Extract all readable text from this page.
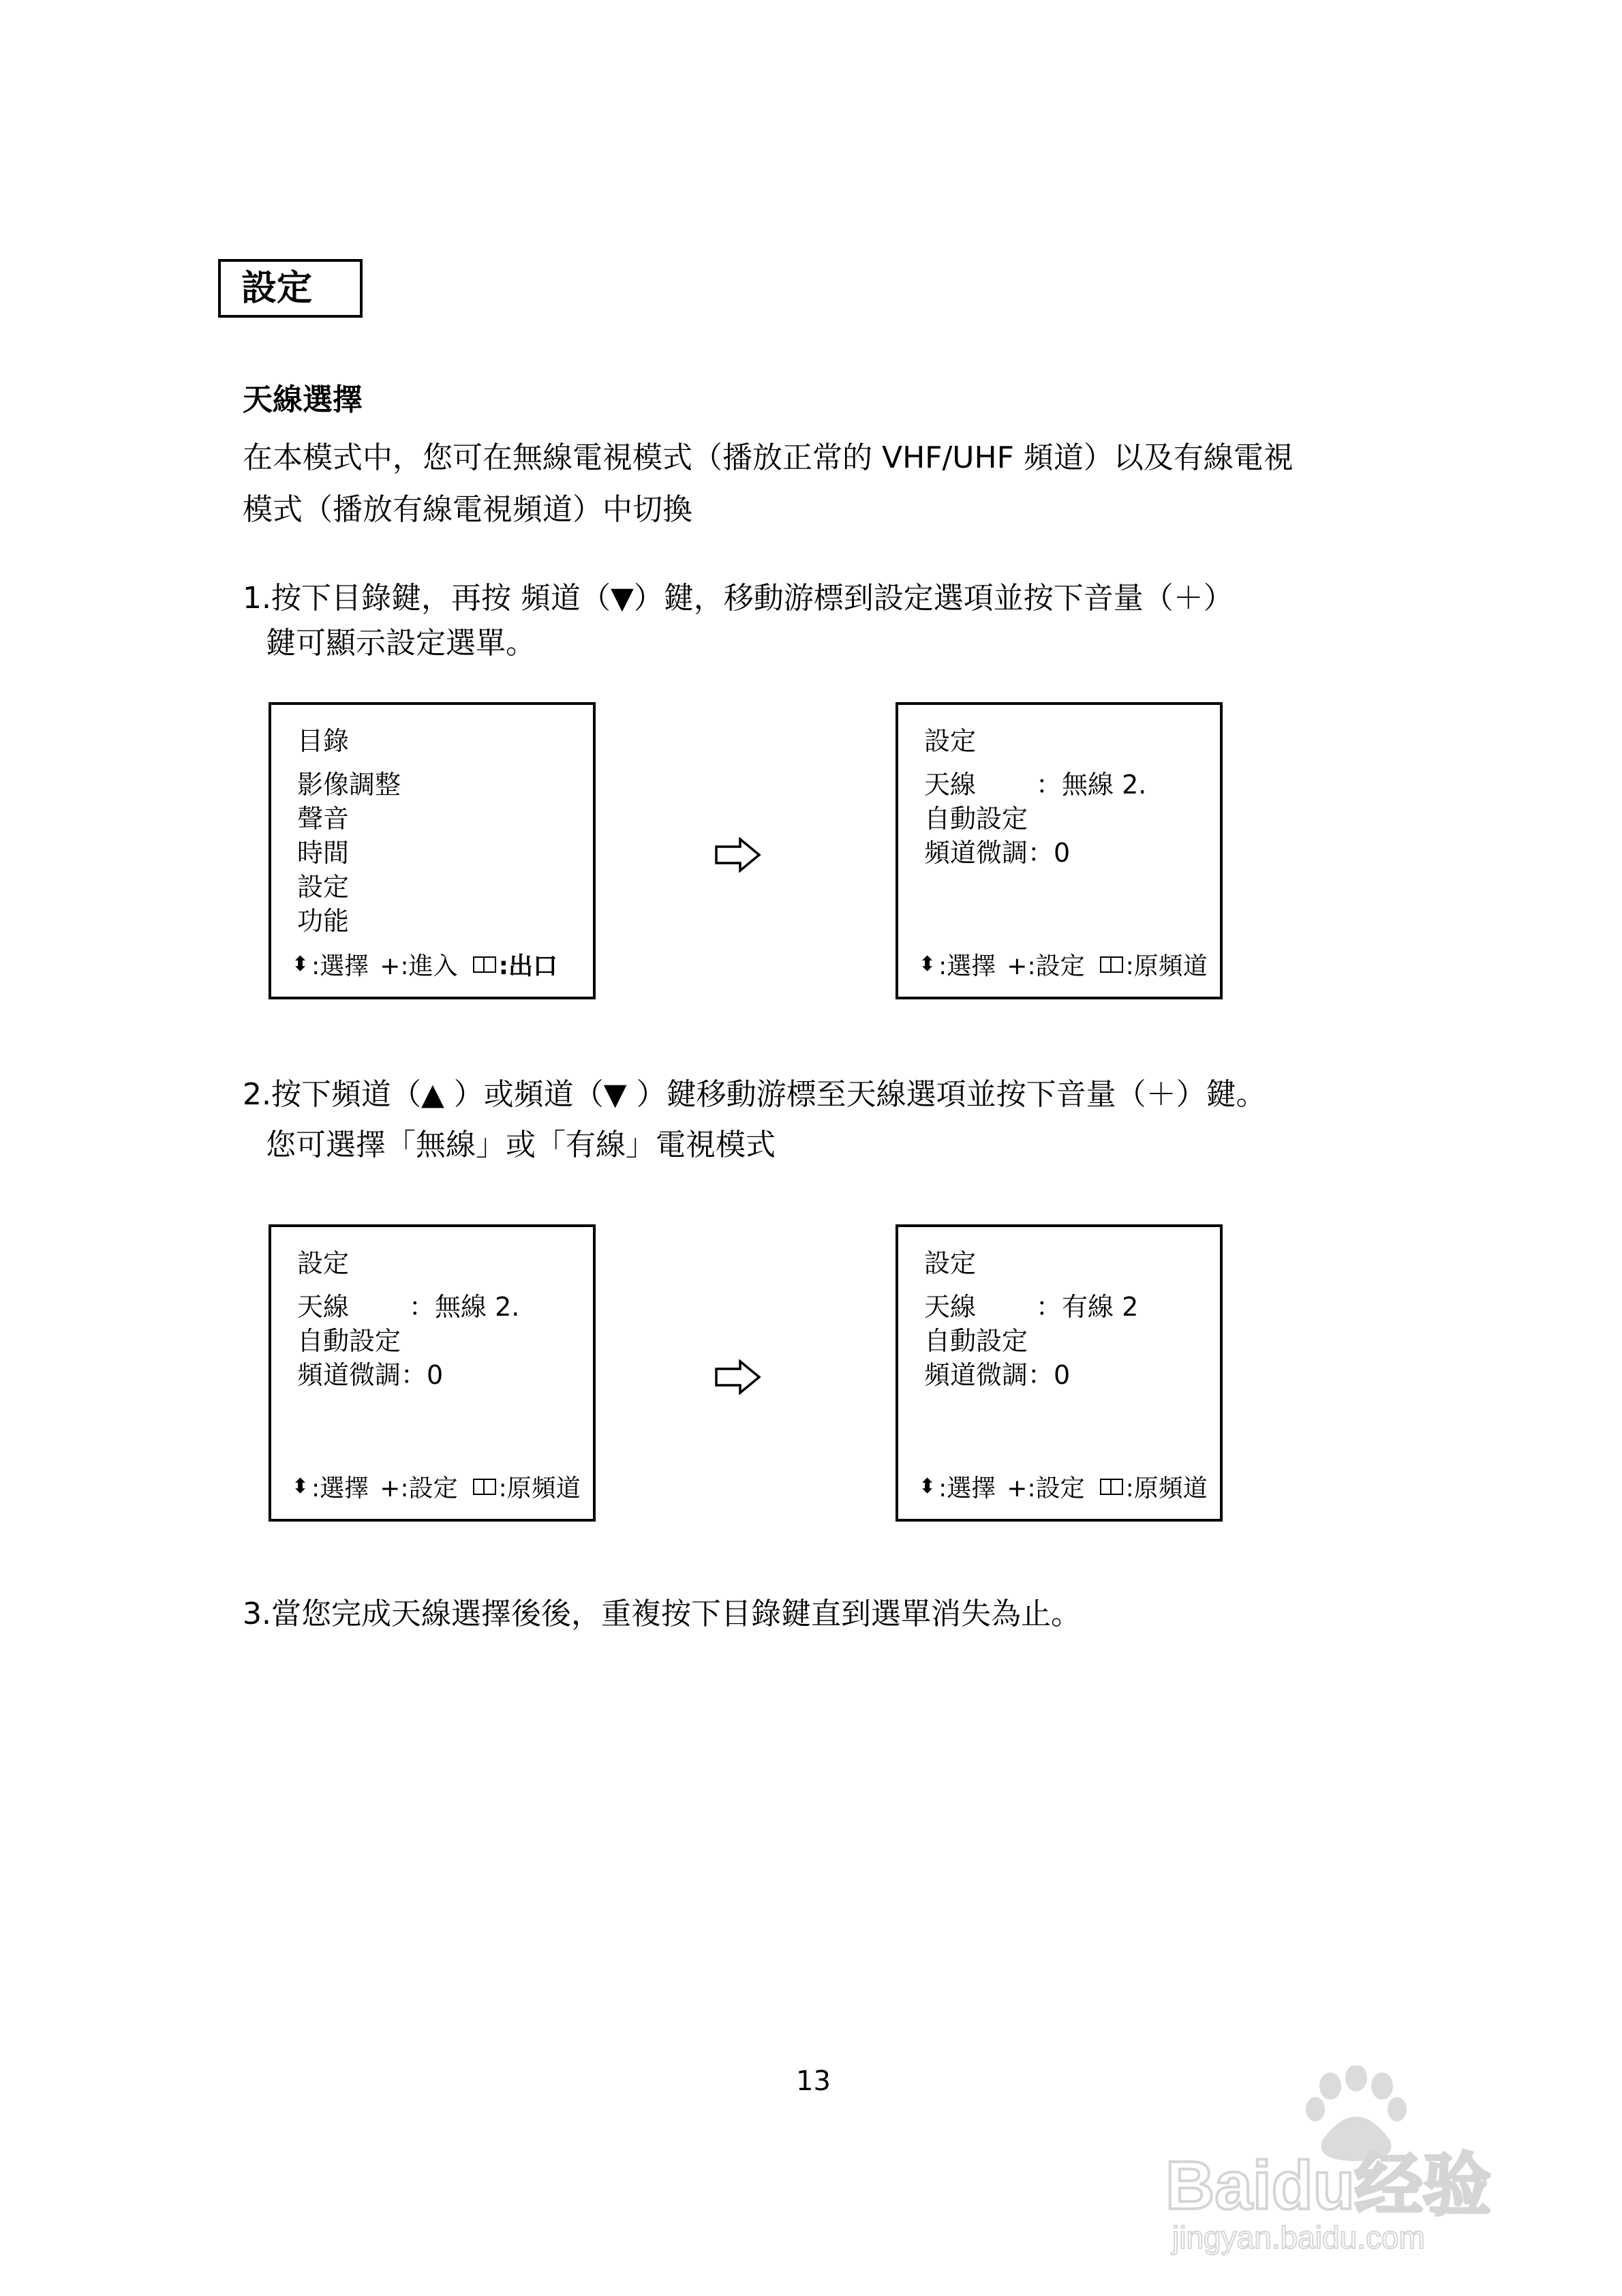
設定
天線選擇
在本模式中，您可在無線電視模式（播放正常的 VHF/UHF 頻道）以及有線電視
模式（播放有線電視頻道）中切換
1.按下目錄鍵，再按 頻道（▼）鍵，移動游標到設定選項並按下音量（＋）
鍵可顯示設定選單。
目錄
影像調整
聲音
時間
設定
功能
⬍ :選擇 +:進入 :出口
設定
天線 ：無線 2.
自動設定
頻道微調：0
⬍ :選擇 +:設定 :原頻道
2.按下頻道（▲ ）或頻道（▼ ）鍵移動游標至天線選項並按下音量（＋）鍵。
您可選擇「無線」或「有線」電視模式
設定
天線 ：無線 2.
自動設定
頻道微調：0
⬍ :選擇 +:設定 :原頻道
設定
天線 ：有線 2
自動設定
頻道微調：0
⬍ :選擇 +:設定 :原頻道
3.當您完成天線選擇後後，重複按下目錄鍵直到選單消失為止。
13
Baidu经验
jingyan.baidu.com
